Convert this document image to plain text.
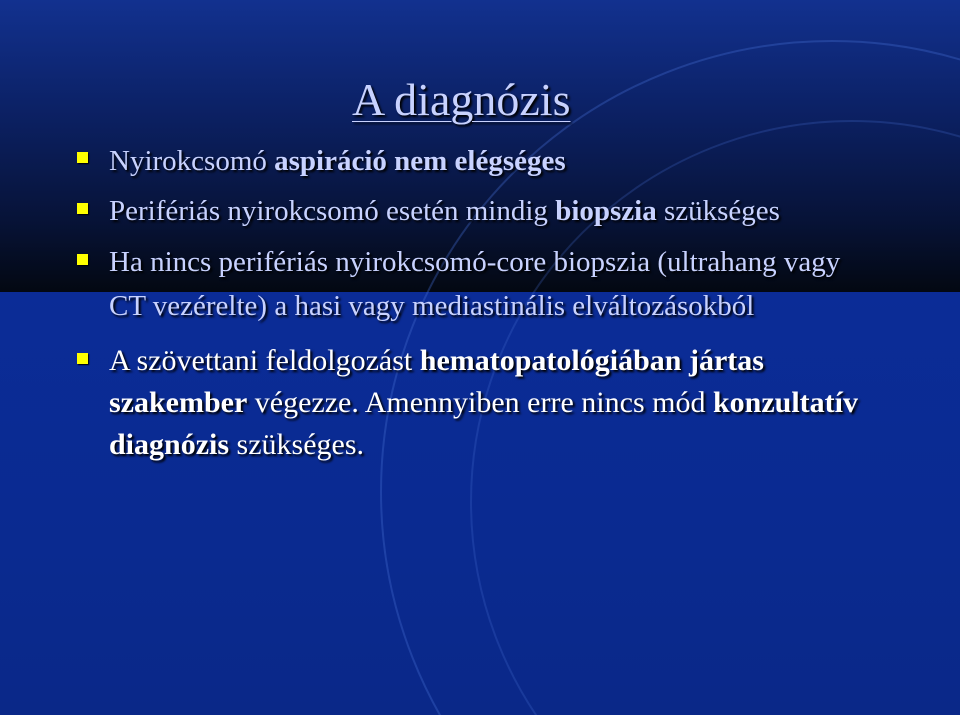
A diagnózis
Nyirokcsomó aspiráció nem elégséges
Perifériás nyirokcsomó esetén mindig biopszia szükséges
Ha nincs perifériás nyirokcsomó-core biopszia (ultrahang vagy CT vezérelte) a hasi vagy mediastinális elváltozásokból
A szövettani feldolgozást hematopatológiában jártas szakember végezze. Amennyiben erre nincs mód konzultatív diagnózis szükséges.
